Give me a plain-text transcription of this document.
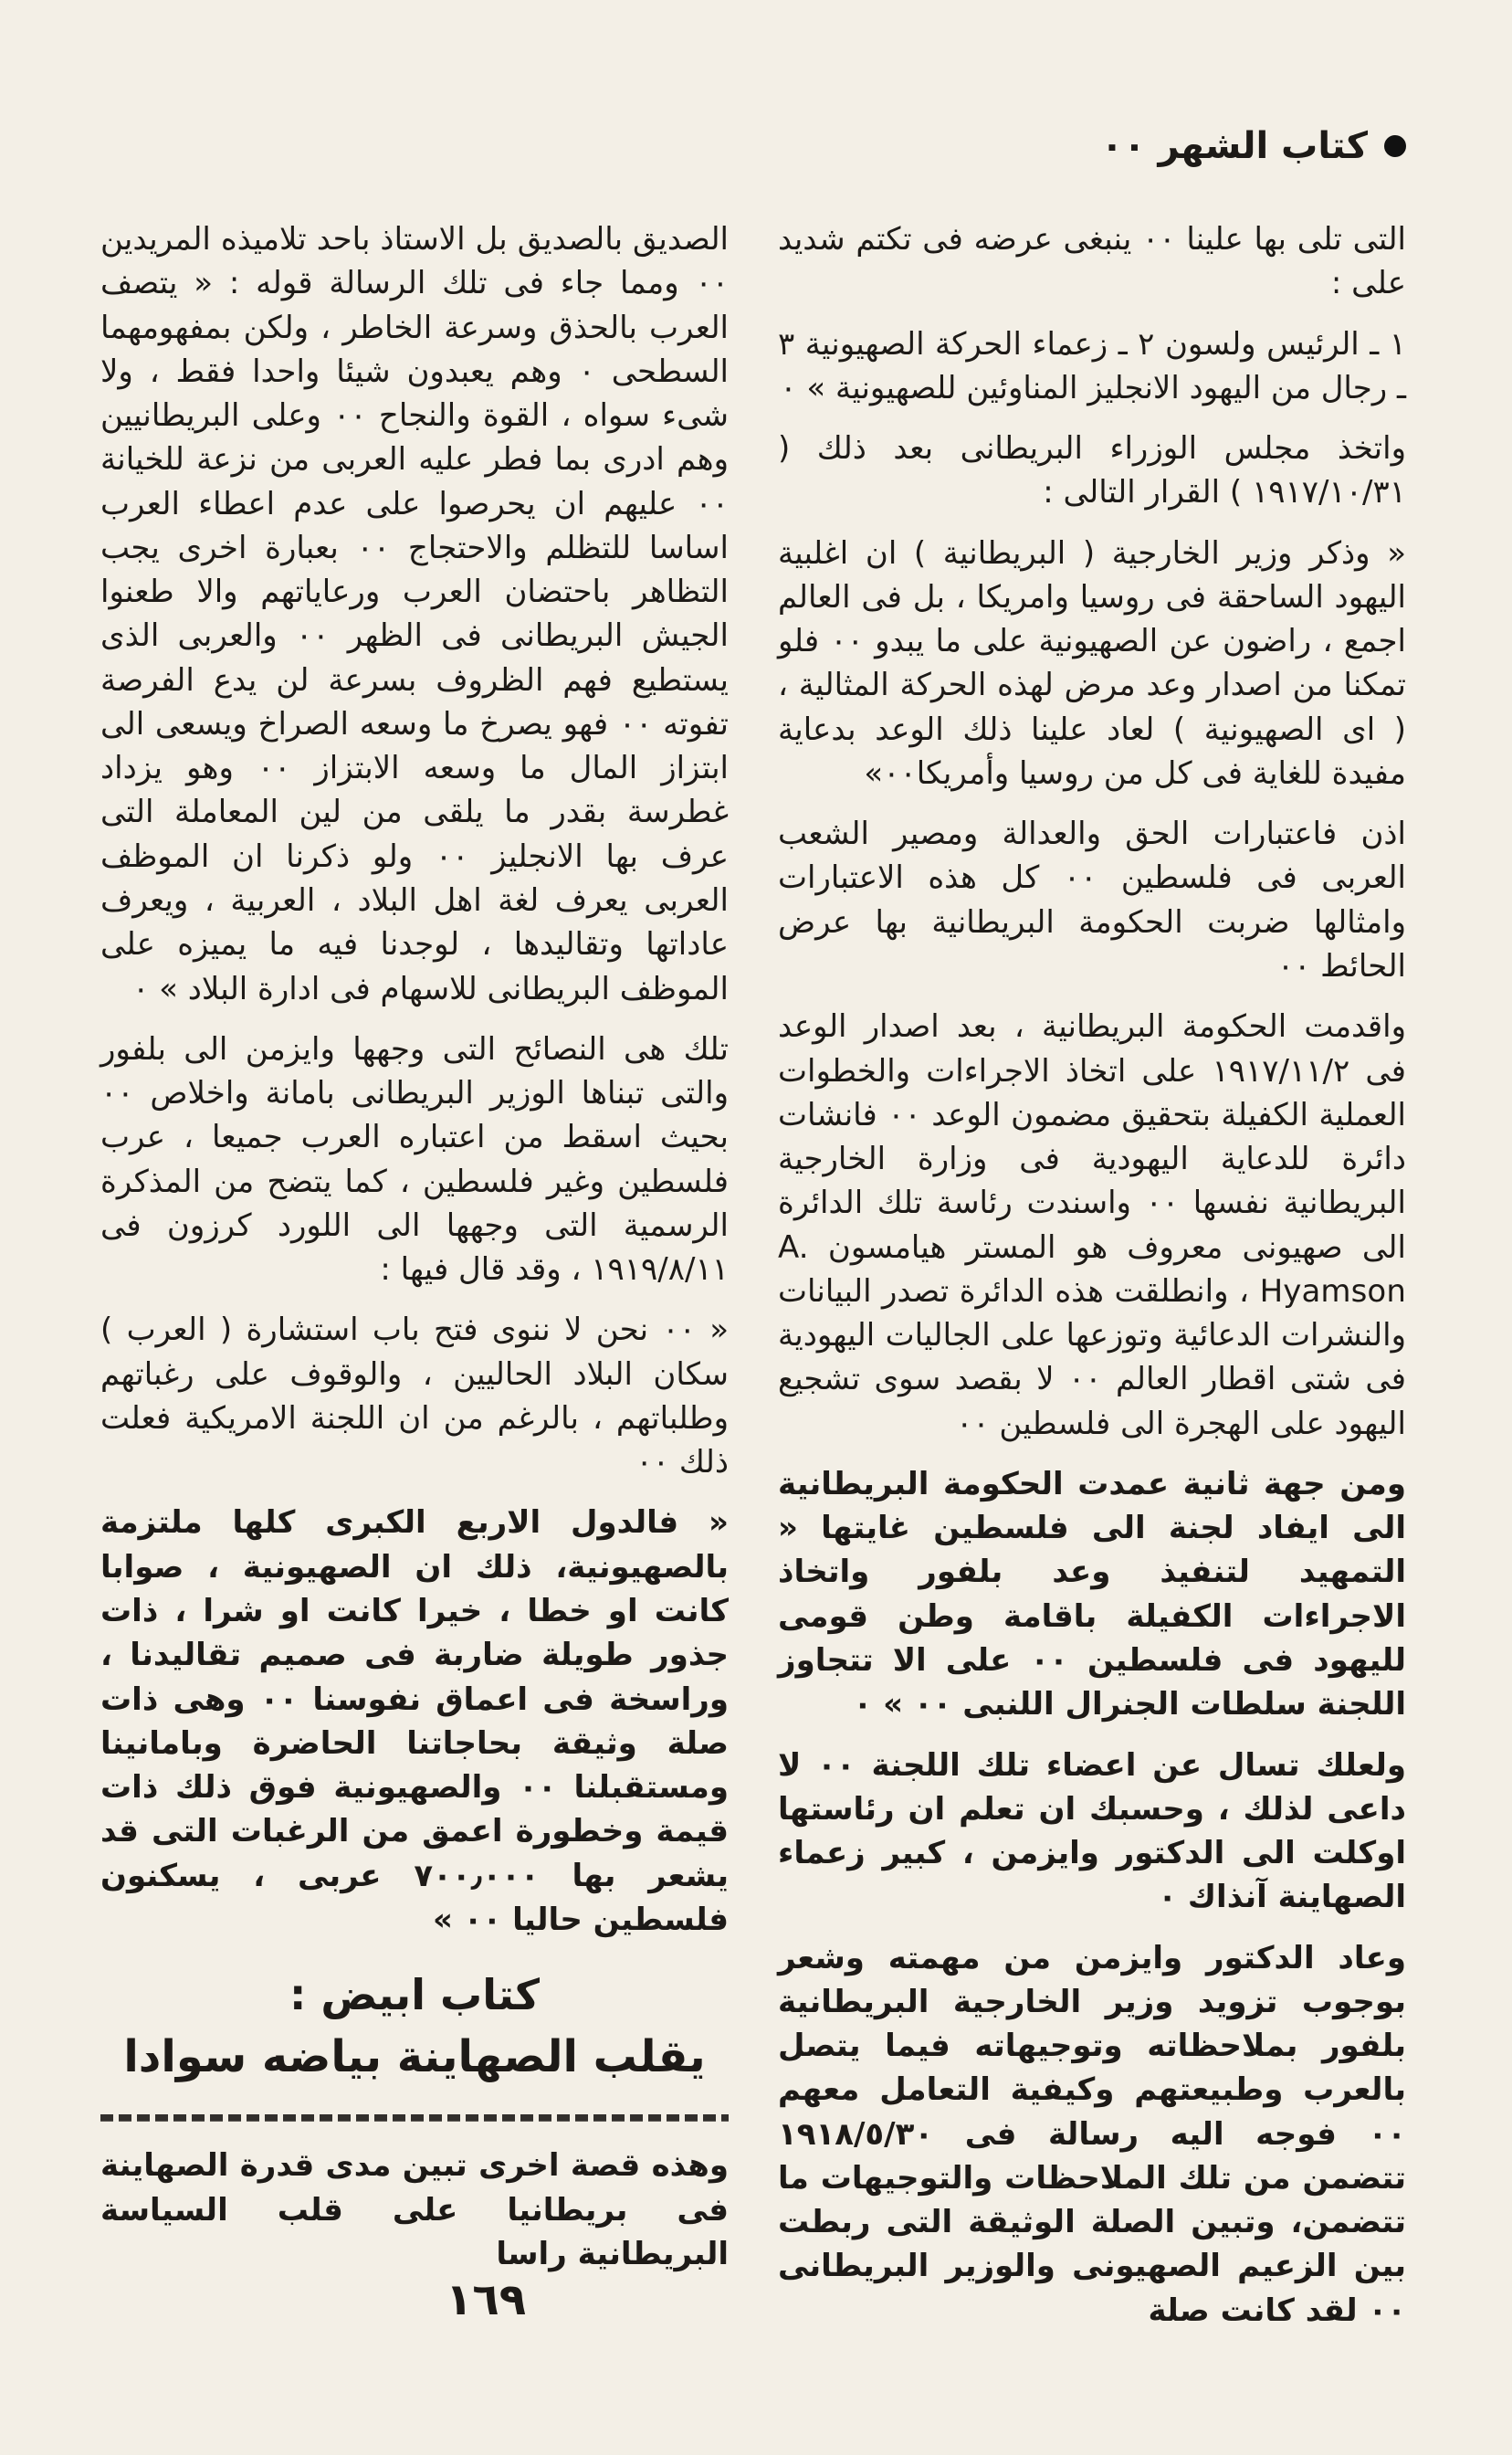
كتاب الشهر ۰۰

التى تلى بها علينا ۰۰ ينبغى عرضه فى تكتم شديد على :

١ ـ الرئيس ولسون ٢ ـ زعماء الحركة الصهيونية ٣ ـ رجال من اليهود الانجليز المناوئين للصهيونية » ۰

واتخذ مجلس الوزراء البريطانى بعد ذلك ( ١٩١٧/١٠/٣١ ) القرار التالى :

« وذكر وزير الخارجية ( البريطانية ) ان اغلبية اليهود الساحقة فى روسيا وامريكا ، بل فى العالم اجمع ، راضون عن الصهيونية على ما يبدو ۰۰ فلو تمكنا من اصدار وعد مرض لهذه الحركة المثالية ، ( اى الصهيونية ) لعاد علينا ذلك الوعد بدعاية مفيدة للغاية فى كل من روسيا وأمريكا۰۰»

اذن فاعتبارات الحق والعدالة ومصير الشعب العربى فى فلسطين ۰۰ كل هذه الاعتبارات وامثالها ضربت الحكومة البريطانية بها عرض الحائط ۰۰

واقدمت الحكومة البريطانية ، بعد اصدار الوعد فى ١٩١٧/١١/٢ على اتخاذ الاجراءات والخطوات العملية الكفيلة بتحقيق مضمون الوعد ۰۰ فانشات دائرة للدعاية اليهودية فى وزارة الخارجية البريطانية نفسها ۰۰ واسندت رئاسة تلك الدائرة الى صهيونى معروف هو المستر هيامسون A. Hyamson ، وانطلقت هذه الدائرة تصدر البيانات والنشرات الدعائية وتوزعها على الجاليات اليهودية فى شتى اقطار العالم ۰۰ لا بقصد سوى تشجيع اليهود على الهجرة الى فلسطين ۰۰

ومن جهة ثانية عمدت الحكومة البريطانية الى ايفاد لجنة الى فلسطين غايتها « التمهيد لتنفيذ وعد بلفور واتخاذ الاجراءات الكفيلة باقامة وطن قومى لليهود فى فلسطين ۰۰ على الا تتجاوز اللجنة سلطات الجنرال اللنبى ۰۰ » ۰

ولعلك تسال عن اعضاء تلك اللجنة ۰۰ لا داعى لذلك ، وحسبك ان تعلم ان رئاستها اوكلت الى الدكتور وايزمن ، كبير زعماء الصهاينة آنذاك ۰

وعاد الدكتور وايزمن من مهمته وشعر بوجوب تزويد وزير الخارجية البريطانية بلفور بملاحظاته وتوجيهاته فيما يتصل بالعرب وطبيعتهم وكيفية التعامل معهم ۰۰ فوجه اليه رسالة فى ١٩١٨/٥/٣٠ تتضمن من تلك الملاحظات والتوجيهات ما تتضمن، وتبين الصلة الوثيقة التى ربطت بين الزعيم الصهيونى والوزير البريطانى ۰۰ لقد كانت صلة

الصديق بالصديق بل الاستاذ باحد تلاميذه المريدين ۰۰ ومما جاء فى تلك الرسالة قوله : « يتصف العرب بالحذق وسرعة الخاطر ، ولكن بمفهومهما السطحى ۰ وهم يعبدون شيئا واحدا فقط ، ولا شىء سواه ، القوة والنجاح ۰۰ وعلى البريطانيين وهم ادرى بما فطر عليه العربى من نزعة للخيانة ۰۰ عليهم ان يحرصوا على عدم اعطاء العرب اساسا للتظلم والاحتجاج ۰۰ بعبارة اخرى يجب التظاهر باحتضان العرب ورعاياتهم والا طعنوا الجيش البريطانى فى الظهر ۰۰ والعربى الذى يستطيع فهم الظروف بسرعة لن يدع الفرصة تفوته ۰۰ فهو يصرخ ما وسعه الصراخ ويسعى الى ابتزاز المال ما وسعه الابتزاز ۰۰ وهو يزداد غطرسة بقدر ما يلقى من لين المعاملة التى عرف بها الانجليز ۰۰ ولو ذكرنا ان الموظف العربى يعرف لغة اهل البلاد ، العربية ، ويعرف عاداتها وتقاليدها ، لوجدنا فيه ما يميزه على الموظف البريطانى للاسهام فى ادارة البلاد » ۰

تلك هى النصائح التى وجهها وايزمن الى بلفور والتى تبناها الوزير البريطانى بامانة واخلاص ۰۰ بحيث اسقط من اعتباره العرب جميعا ، عرب فلسطين وغير فلسطين ، كما يتضح من المذكرة الرسمية التى وجهها الى اللورد كرزون فى ١٩١٩/٨/١١ ، وقد قال فيها :

« ۰۰ نحن لا ننوى فتح باب استشارة ( العرب ) سكان البلاد الحاليين ، والوقوف على رغباتهم وطلباتهم ، بالرغم من ان اللجنة الامريكية فعلت ذلك ۰۰

« فالدول الاربع الكبرى كلها ملتزمة بالصهيونية، ذلك ان الصهيونية ، صوابا كانت او خطا ، خيرا كانت او شرا ، ذات جذور طويلة ضاربة فى صميم تقاليدنا ، وراسخة فى اعماق نفوسنا ۰۰ وهى ذات صلة وثيقة بحاجاتنا الحاضرة وبامانينا ومستقبلنا ۰۰ والصهيونية فوق ذلك ذات قيمة وخطورة اعمق من الرغبات التى قد يشعر بها ٧٠٠٫٠٠٠ عربى ، يسكنون فلسطين حاليا ۰۰ »

كتاب ابيض :
يقلب الصهاينة بياضه سوادا

وهذه قصة اخرى تبين مدى قدرة الصهاينة فى بريطانيا على قلب السياسة البريطانية راسا

١٦٩
